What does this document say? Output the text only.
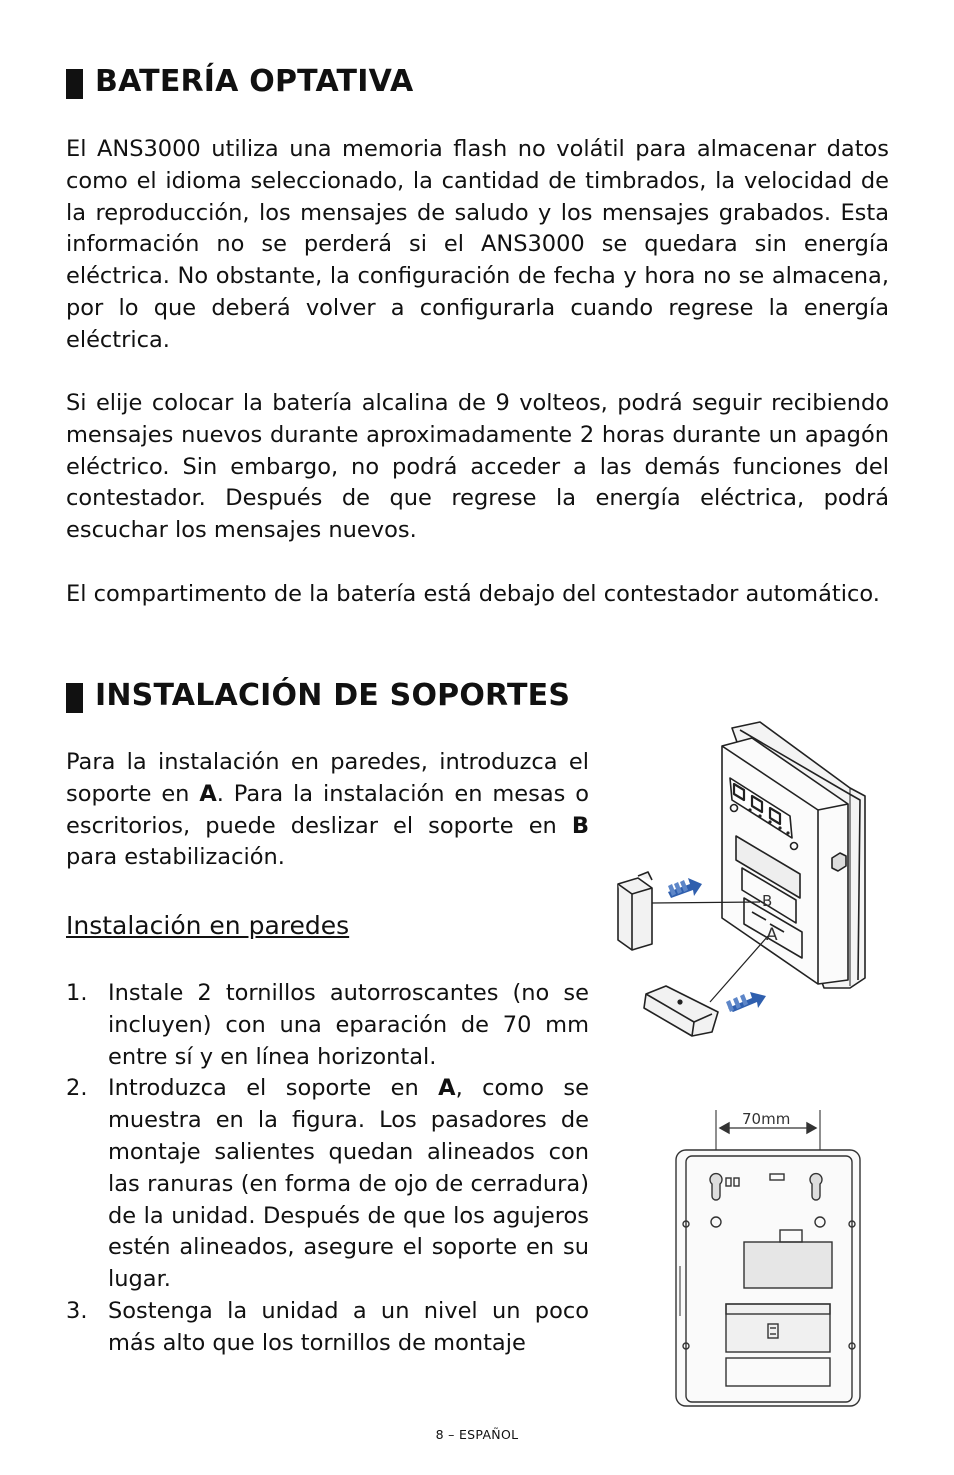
BATERÍA OPTATIVA

El ANS3000 utiliza una memoria flash no volátil para almacenar datos como el idioma seleccionado, la cantidad de timbrados, la velocidad de la reproducción, los mensajes de saludo y los mensajes grabados. Esta información no se perderá si el ANS3000 se quedara sin energía eléctrica. No obstante, la configuración de fecha y hora no se almacena, por lo que deberá volver a configurarla cuando regrese la energía eléctrica.

Si elije colocar la batería alcalina de 9 volteos, podrá seguir recibiendo mensajes nuevos durante aproximadamente 2 horas durante un apagón eléctrico. Sin embargo, no podrá acceder a las demás funciones del contestador. Después de que regrese la energía eléctrica, podrá escuchar los mensajes nuevos.

El compartimento de la batería está debajo del contestador automático.

INSTALACIÓN DE SOPORTES

Para la instalación en paredes, introduzca el soporte en A. Para la instalación en mesas o escritorios, puede deslizar el soporte en B para estabilización.

Instalación en paredes
1. Instale 2 tornillos autorroscantes (no se incluyen) con una eparación de 70 mm entre sí y en línea horizontal.
2. Introduzca el soporte en A, como se muestra en la figura. Los pasadores de montaje salientes quedan alineados con las ranuras (en forma de ojo de cerradura) de la unidad. Después de que los agujeros estén alineados, asegure el soporte en su lugar.
3. Sostenga la unidad a un nivel un poco más alto que los tornillos de montaje
B
A
70mm
8 – ESPAÑOL
